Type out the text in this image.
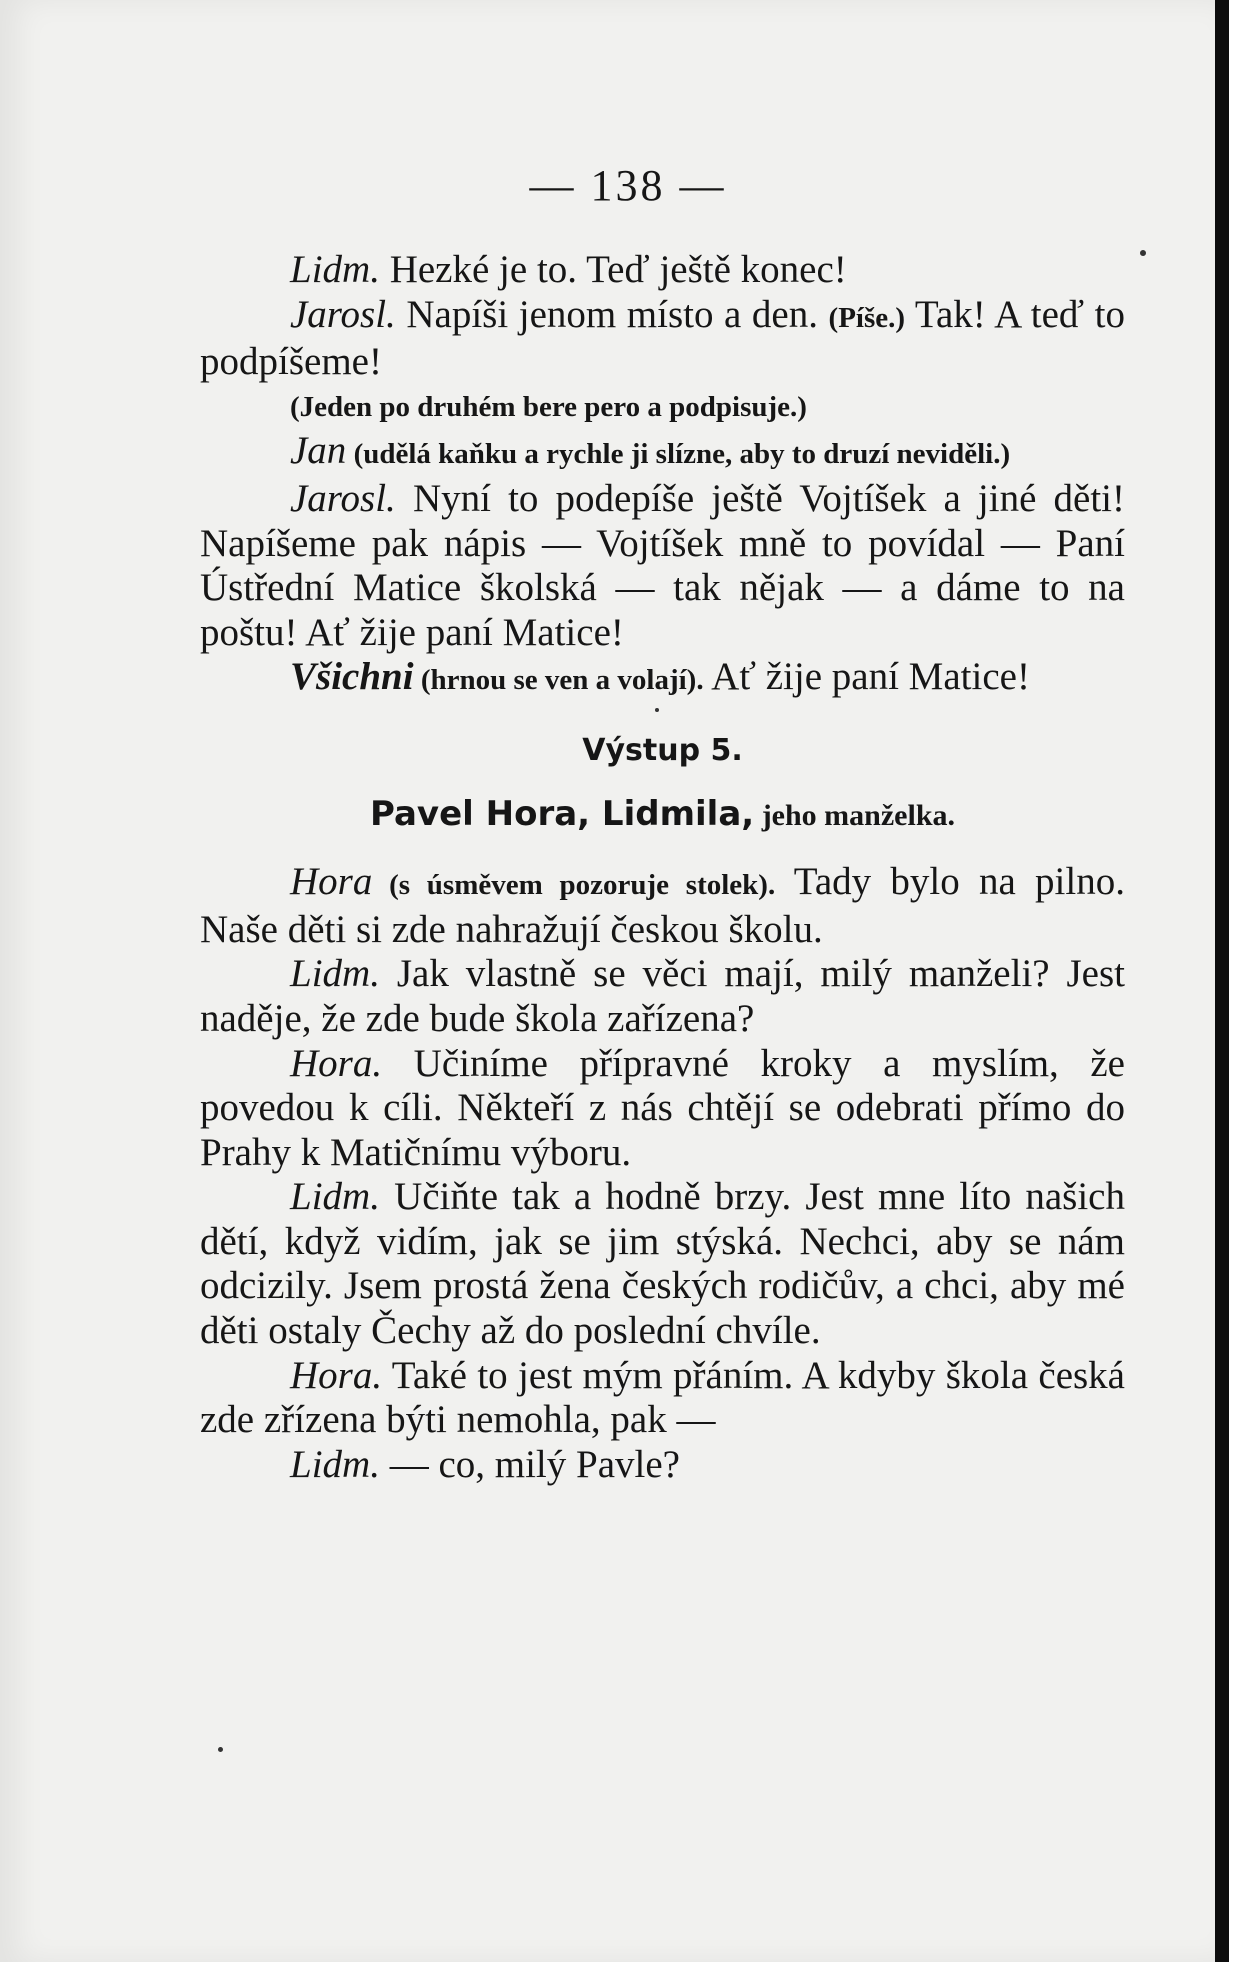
— 138 —

Lidm. Hezké je to. Teď ještě konec!

Jarosl. Napíši jenom místo a den. (Píše.) Tak! A teď to podpíšeme!

(Jeden po druhém bere pero a podpisuje.)

Jan (udělá kaňku a rychle ji slízne, aby to druzí neviděli.)

Jarosl. Nyní to podepíše ještě Vojtíšek a jiné děti! Napíšeme pak nápis — Vojtíšek mně to povídal — Paní Ústřední Matice školská — tak nějak — a dáme to na poštu! Ať žije paní Matice!

Všichni (hrnou se ven a volají). Ať žije paní Matice!

Výstup 5.
Pavel Hora, Lidmila, jeho manželka.

Hora (s úsměvem pozoruje stolek). Tady bylo na pilno. Naše děti si zde nahražují českou školu.

Lidm. Jak vlastně se věci mají, milý manželi? Jest naděje, že zde bude škola zařízena?

Hora. Učiníme přípravné kroky a myslím, že povedou k cíli. Někteří z nás chtějí se odebrati přímo do Prahy k Matičnímu výboru.

Lidm. Učiňte tak a hodně brzy. Jest mne líto našich dětí, když vidím, jak se jim stýská. Nechci, aby se nám odcizily. Jsem prostá žena českých rodičův, a chci, aby mé děti ostaly Čechy až do poslední chvíle.

Hora. Také to jest mým přáním. A kdyby škola česká zde zřízena býti nemohla, pak —

Lidm. — co, milý Pavle?
